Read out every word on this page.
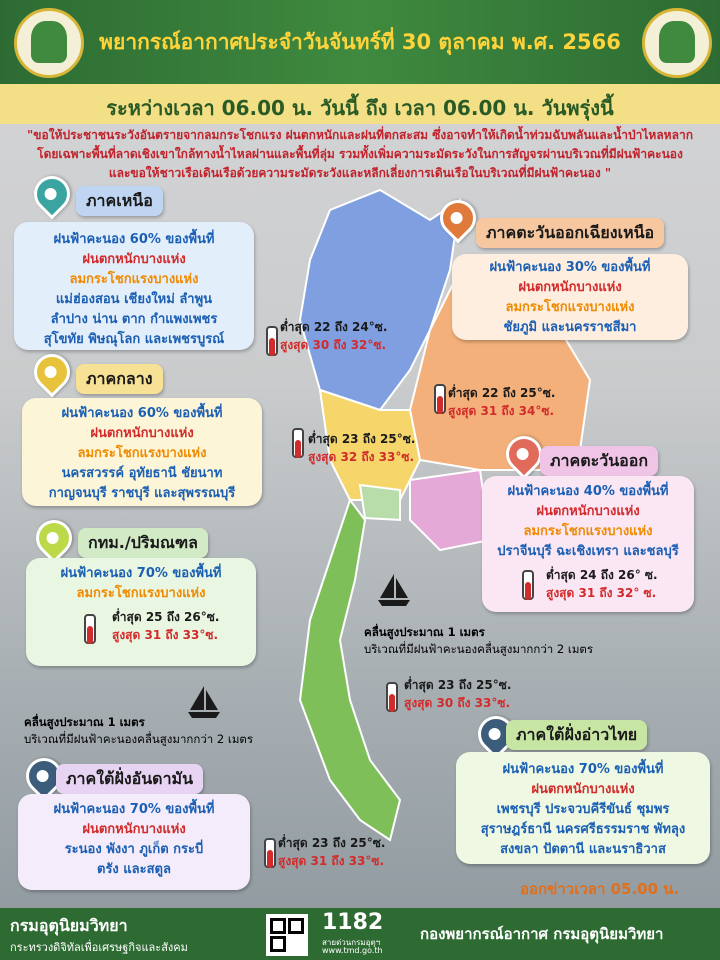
พยากรณ์อากาศประจำวันจันทร์ที่ 30 ตุลาคม พ.ศ. 2566
ระหว่างเวลา 06.00 น. วันนี้ ถึง เวลา 06.00 น. วันพรุ่งนี้
"ขอให้ประชาชนระวังอันตรายจากลมกระโชกแรง ฝนตกหนักและฝนที่ตกสะสม ซึ่งอาจทำให้เกิดน้ำท่วมฉับพลันและน้ำป่าไหลหลาก
โดยเฉพาะพื้นที่ลาดเชิงเขาใกล้ทางน้ำไหลผ่านและพื้นที่ลุ่ม รวมทั้งเพิ่มความระมัดระวังในการสัญจรผ่านบริเวณที่มีฝนฟ้าคะนอง
และขอให้ชาวเรือเดินเรือด้วยความระมัดระวังและหลีกเลี่ยงการเดินเรือในบริเวณที่มีฝนฟ้าคะนอง "
ภาคเหนือ
ฝนฟ้าคะนอง 60% ของพื้นที่
ฝนตกหนักบางแห่ง
ลมกระโชกแรงบางแห่ง
แม่ฮ่องสอน เชียงใหม่ ลำพูน
ลำปาง น่าน ตาก กำแพงเพชร
สุโขทัย พิษณุโลก และเพชรบูรณ์
ต่ำสุด 22 ถึง 24°ซ.
สูงสุด 30 ถึง 32°ซ.
ภาคตะวันออกเฉียงเหนือ
ฝนฟ้าคะนอง 30% ของพื้นที่
ฝนตกหนักบางแห่ง
ลมกระโชกแรงบางแห่ง
ชัยภูมิ และนครราชสีมา
ต่ำสุด 22 ถึง 25°ซ.
สูงสุด 31 ถึง 34°ซ.
ภาคกลาง
ฝนฟ้าคะนอง 60% ของพื้นที่
ฝนตกหนักบางแห่ง
ลมกระโชกแรงบางแห่ง
นครสวรรค์ อุทัยธานี ชัยนาท
กาญจนบุรี ราชบุรี และสุพรรณบุรี
ต่ำสุด 23 ถึง 25°ซ.
สูงสุด 32 ถึง 33°ซ.	ภาคตะวันออก
ฝนฟ้าคะนอง 40% ของพื้นที่
ฝนตกหนักบางแห่ง
ลมกระโชกแรงบางแห่ง
ปราจีนบุรี ฉะเชิงเทรา และชลบุรี
ต่ำสุด 24 ถึง 26° ซ.
สูงสุด 31 ถึง 32° ซ.
กทม./ปริมณฑล
ฝนฟ้าคะนอง 70% ของพื้นที่
ลมกระโชกแรงบางแห่ง
ต่ำสุด 25 ถึง 26°ซ.
สูงสุด 31 ถึง 33°ซ.	คลื่นสูงประมาณ 1 เมตร
บริเวณที่มีฝนฟ้าคะนองคลื่นสูงมากกว่า 2 เมตร
ต่ำสุด 23 ถึง 25°ซ.
สูงสุด 30 ถึง 33°ซ.
คลื่นสูงประมาณ 1 เมตร
บริเวณที่มีฝนฟ้าคะนองคลื่นสูงมากกว่า 2 เมตร	ภาคใต้ฝั่งอ่าวไทย
ฝนฟ้าคะนอง 70% ของพื้นที่
ฝนตกหนักบางแห่ง
เพชรบุรี ประจวบคีรีขันธ์ ชุมพร
สุราษฎร์ธานี นครศรีธรรมราช พัทลุง
สงขลา ปัตตานี และนราธิวาส
ภาคใต้ฝั่งอันดามัน
ฝนฟ้าคะนอง 70% ของพื้นที่
ฝนตกหนักบางแห่ง
ระนอง พังงา ภูเก็ต กระบี่
ตรัง และสตูล
ต่ำสุด 23 ถึง 25°ซ.
สูงสุด 31 ถึง 33°ซ.
ออกข่าวเวลา 05.00 น.
กรมอุตุนิยมวิทยา
กระทรวงดิจิทัลเพื่อเศรษฐกิจและสังคม
1182
สายด่วนกรมอุตุฯ
www.tmd.go.th
กองพยากรณ์อากาศ กรมอุตุนิยมวิทยา
